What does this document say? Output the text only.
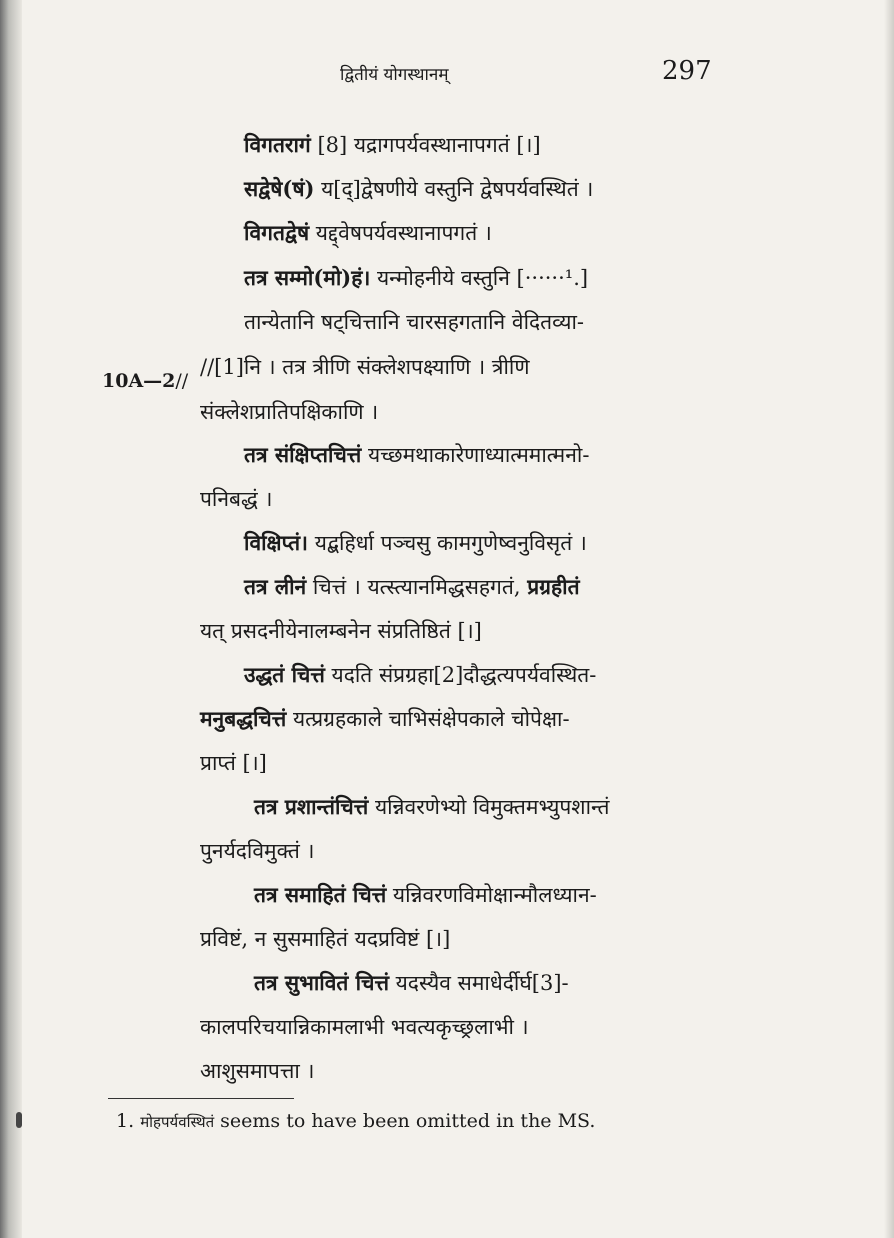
द्वितीयं योगस्थानम्	297
10A—2//
विगतरागं [8] यद्रागपर्यवस्थानापगतं [।]
सद्वेषे(षं) य[द्]द्वेषणीये वस्तुनि द्वेषपर्यवस्थितं ।
विगतद्वेषं यद्द्वेषपर्यवस्थानापगतं ।
तत्र सम्मो(मो)हं। यन्मोहनीये वस्तुनि [······¹.]
तान्येतानि षट्चित्तानि चारसहगतानि वेदितव्या-
//[1]नि । तत्र त्रीणि संक्लेशपक्ष्याणि । त्रीणि
संक्लेशप्रातिपक्षिकाणि ।
तत्र संक्षिप्तचित्तं यच्छमथाकारेणाध्यात्ममात्मनो-
पनिबद्धं ।
विक्षिप्तं। यद्बहिर्धा पञ्चसु कामगुणेष्वनुविसृतं ।
तत्र लीनं चित्तं । यत्स्त्यानमिद्धसहगतं, प्रग्रहीतं
यत् प्रसदनीयेनालम्बनेन संप्रतिष्ठितं [।]
उद्धतं चित्तं यदति संप्रग्रहा[2]दौद्धत्यपर्यवस्थित-
मनुबद्धचित्तं यत्प्रग्रहकाले चाभिसंक्षेपकाले चोपेक्षा-
प्राप्तं [।]
तत्र प्रशान्तंचित्तं यन्निवरणेभ्यो विमुक्तमभ्युपशान्तं
पुनर्यदविमुक्तं ।
तत्र समाहितं चित्तं यन्निवरणविमोक्षान्मौलध्यान-
प्रविष्टं, न सुसमाहितं यदप्रविष्टं [।]
तत्र सुभावितं चित्तं यदस्यैव समाधेर्दीर्घ[3]-
कालपरिचयान्निकामलाभी भवत्यकृच्छ्रलाभी ।
आशुसमापत्ता ।
1. मोहपर्यवस्थितं seems to have been omitted in the MS.
